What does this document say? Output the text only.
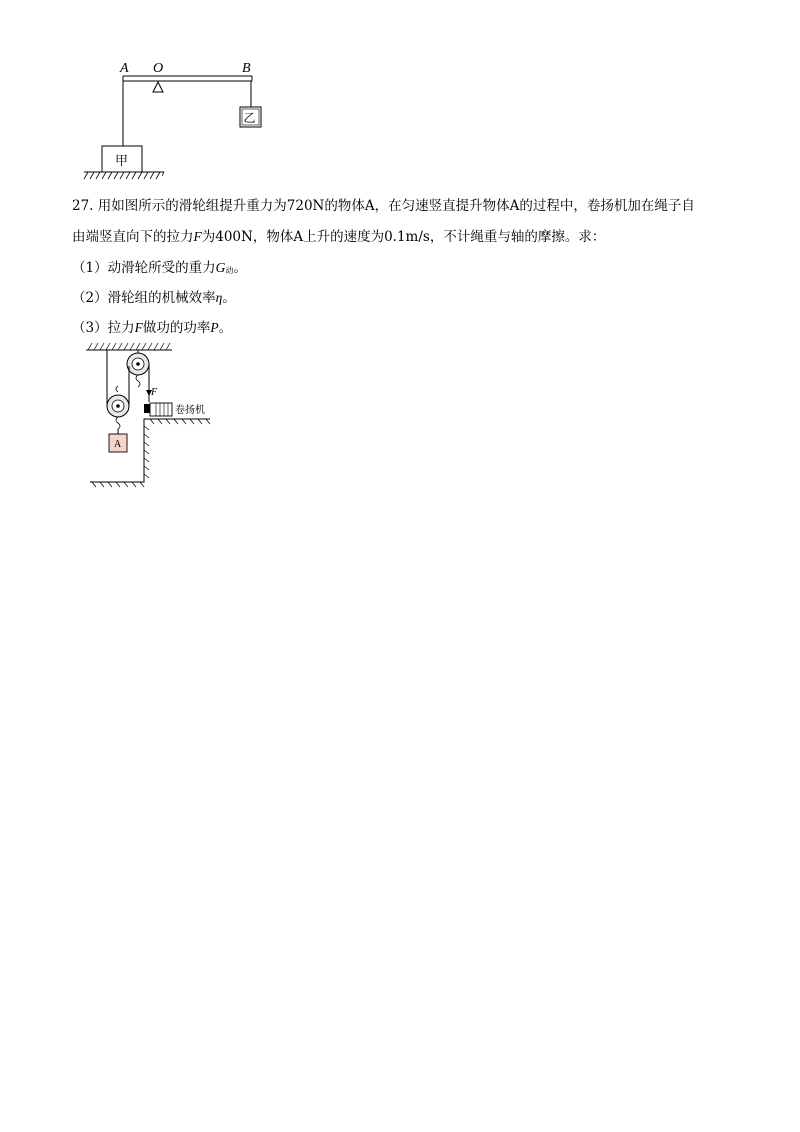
A O	B
乙
甲
27. 用如图所示的滑轮组提升重力为720N的物体A，在匀速竖直提升物体A的过程中，卷扬机加在绳子自
由端竖直向下的拉力F为400N，物体A上升的速度为0.1m/s，不计绳重与轴的摩擦。求：
（1）动滑轮所受的重力G动。
（2）滑轮组的机械效率η。
（3）拉力F做功的功率P。
F
卷扬机
A
